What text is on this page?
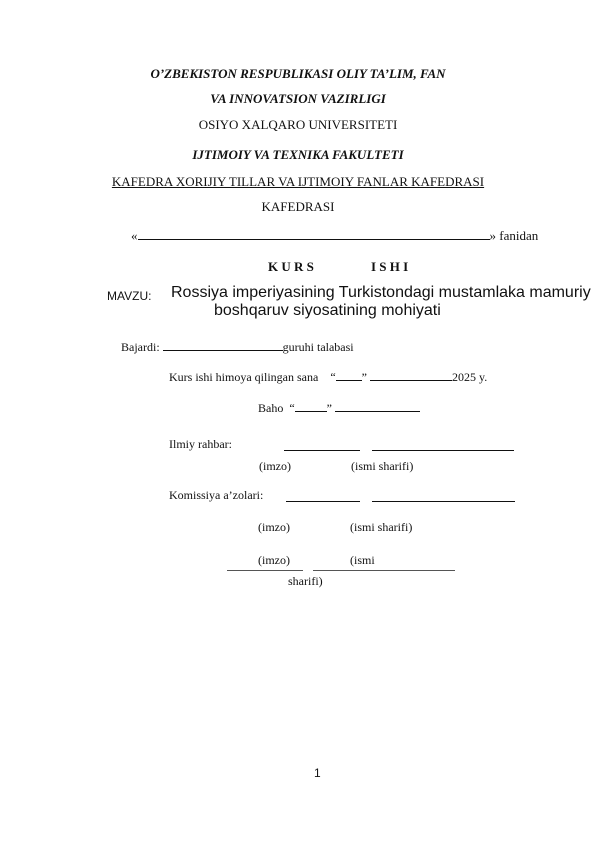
O’ZBEKISTON RESPUBLIKASI OLIY TA’LIM, FAN
VA INNOVATSION VAZIRLIGI
OSIYO XALQARO UNIVERSITETI
IJTIMOIY VA TEXNIKA FAKULTETI
KAFEDRA XORIJIY TILLAR VA IJTIMOIY FANLAR KAFEDRASI
KAFEDRASI
«	» fanidan
K U R S	I S H I
MAVZU: Rossiya imperiyasining Turkistondagi mustamlaka mamuriy
boshqaruv siyosatining mohiyati
Bajardi:	guruhi talabasi
Kurs ishi himoya qilingan sana “ ”	2025 y.
Baho “	”
Ilmiy rahbar:
(imzo)	(ismi sharifi)
Komissiya a’zolari:
(imzo)	(ismi sharifi)
(imzo)	(ismi
sharifi)
1
